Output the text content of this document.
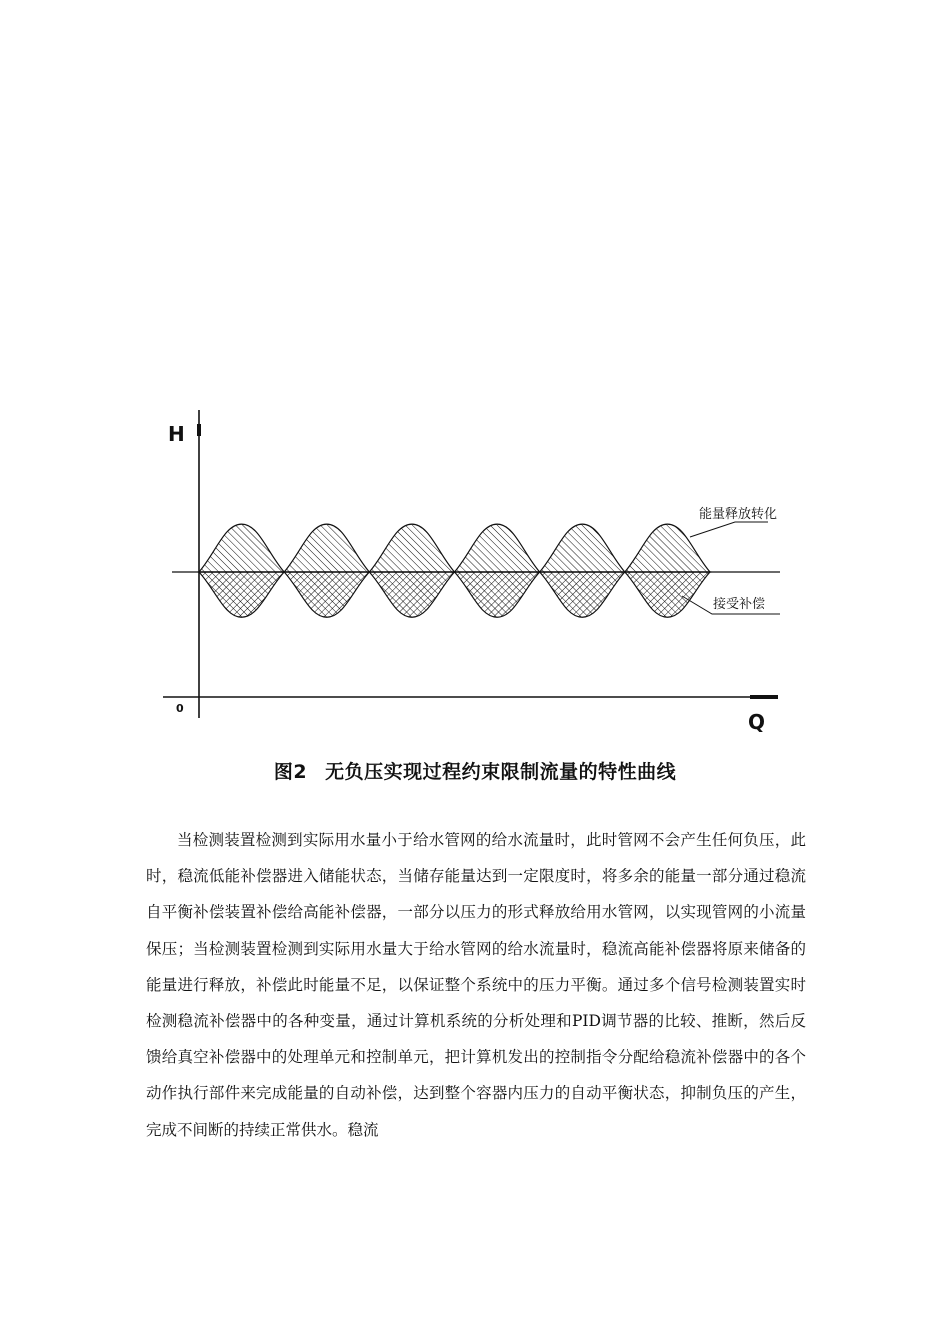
H
Q
0
能量释放转化
接受补偿
图2 无负压实现过程约束限制流量的特性曲线

当检测装置检测到实际用水量小于给水管网的给水流量时，此时管网不会产生任何负压，此时，稳流低能补偿器进入储能状态，当储存能量达到一定限度时，将多余的能量一部分通过稳流自平衡补偿装置补偿给高能补偿器，一部分以压力的形式释放给用水管网，以实现管网的小流量保压；当检测装置检测到实际用水量大于给水管网的给水流量时，稳流高能补偿器将原来储备的能量进行释放，补偿此时能量不足，以保证整个系统中的压力平衡。通过多个信号检测装置实时检测稳流补偿器中的各种变量，通过计算机系统的分析处理和PID调节器的比较、推断，然后反馈给真空补偿器中的处理单元和控制单元，把计算机发出的控制指令分配给稳流补偿器中的各个动作执行部件来完成能量的自动补偿，达到整个容器内压力的自动平衡状态，抑制负压的产生，完成不间断的持续正常供水。稳流
